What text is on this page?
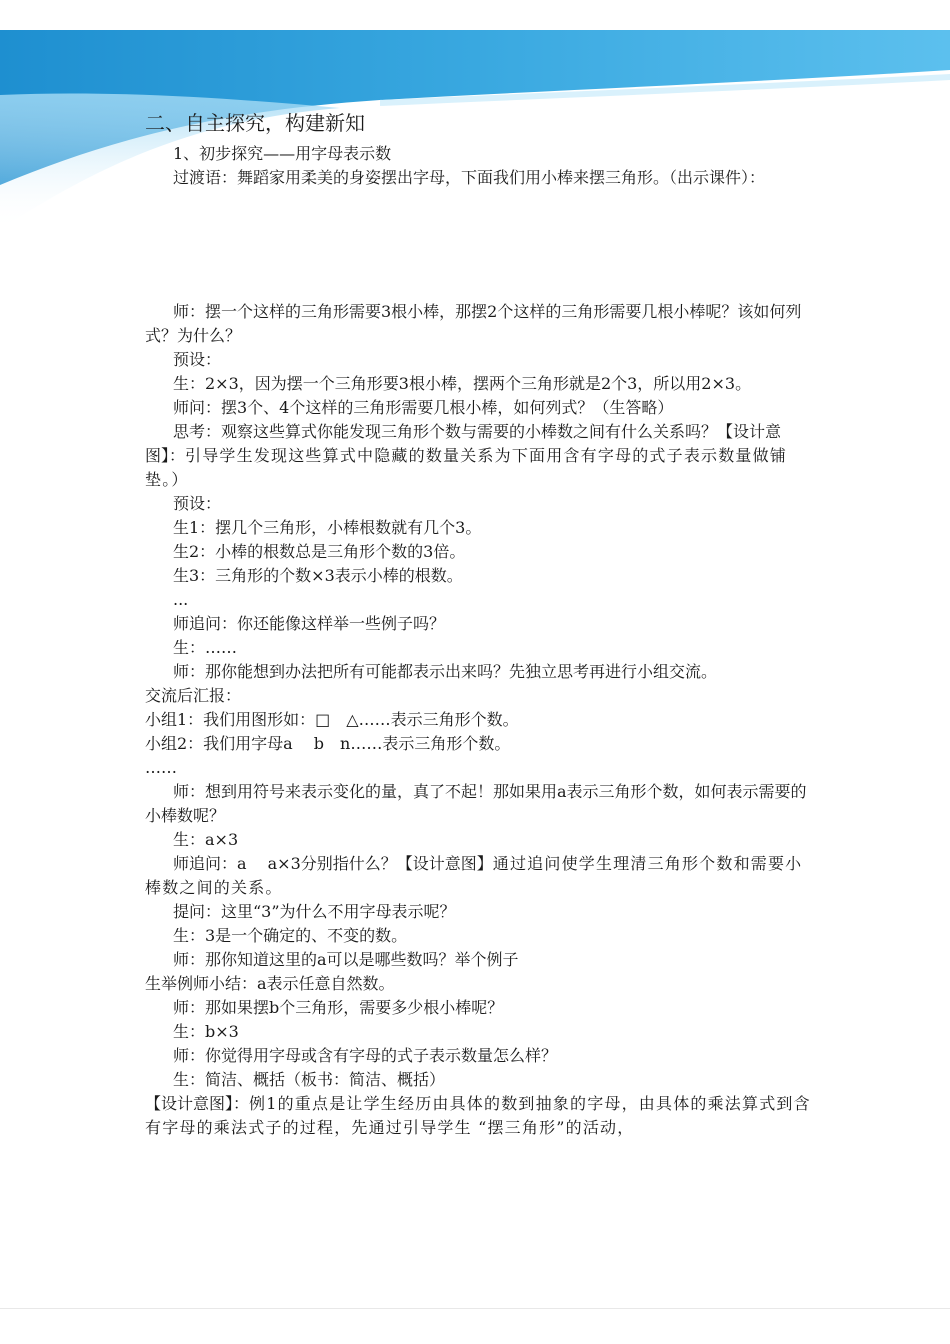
二、自主探究，构建新知

1、初步探究——用字母表示数

过渡语：舞蹈家用柔美的身姿摆出字母，下面我们用小棒来摆三角形。（出示课件）：

师：摆一个这样的三角形需要3根小棒，那摆2个这样的三角形需要几根小棒呢？该如何列式？为什么？

预设：

生：2×3，因为摆一个三角形要3根小棒，摆两个三角形就是2个3，所以用2×3。

师问：摆3个、4个这样的三角形需要几根小棒，如何列式？（生答略）

思考：观察这些算式你能发现三角形个数与需要的小棒数之间有什么关系吗？【设计意图】：引导学生发现这些算式中隐藏的数量关系为下面用含有字母的式子表示数量做铺垫。）

预设：

生1：摆几个三角形，小棒根数就有几个3。

生2：小棒的根数总是三角形个数的3倍。

生3：三角形的个数×3表示小棒的根数。

...

师追问：你还能像这样举一些例子吗？

生：……

师：那你能想到办法把所有可能都表示出来吗？先独立思考再进行小组交流。

交流后汇报：

小组1：我们用图形如：□　△……表示三角形个数。

小组2：我们用字母a　 b　n……表示三角形个数。

……

师：想到用符号来表示变化的量，真了不起！那如果用a表示三角形个数，如何表示需要的小棒数呢？

生：a×3

师追问：a　 a×3分别指什么？【设计意图】通过追问使学生理清三角形个数和需要小棒数之间的关系。

提问：这里“3”为什么不用字母表示呢？

生：3是一个确定的、不变的数。

师：那你知道这里的a可以是哪些数吗？举个例子

生举例师小结：a表示任意自然数。

师：那如果摆b个三角形，需要多少根小棒呢？

生：b×3

师：你觉得用字母或含有字母的式子表示数量怎么样？

生：简洁、概括（板书：简洁、概括）

【设计意图】：例1的重点是让学生经历由具体的数到抽象的字母，由具体的乘法算式到含有字母的乘法式子的过程，先通过引导学生 “摆三角形”的活动，
